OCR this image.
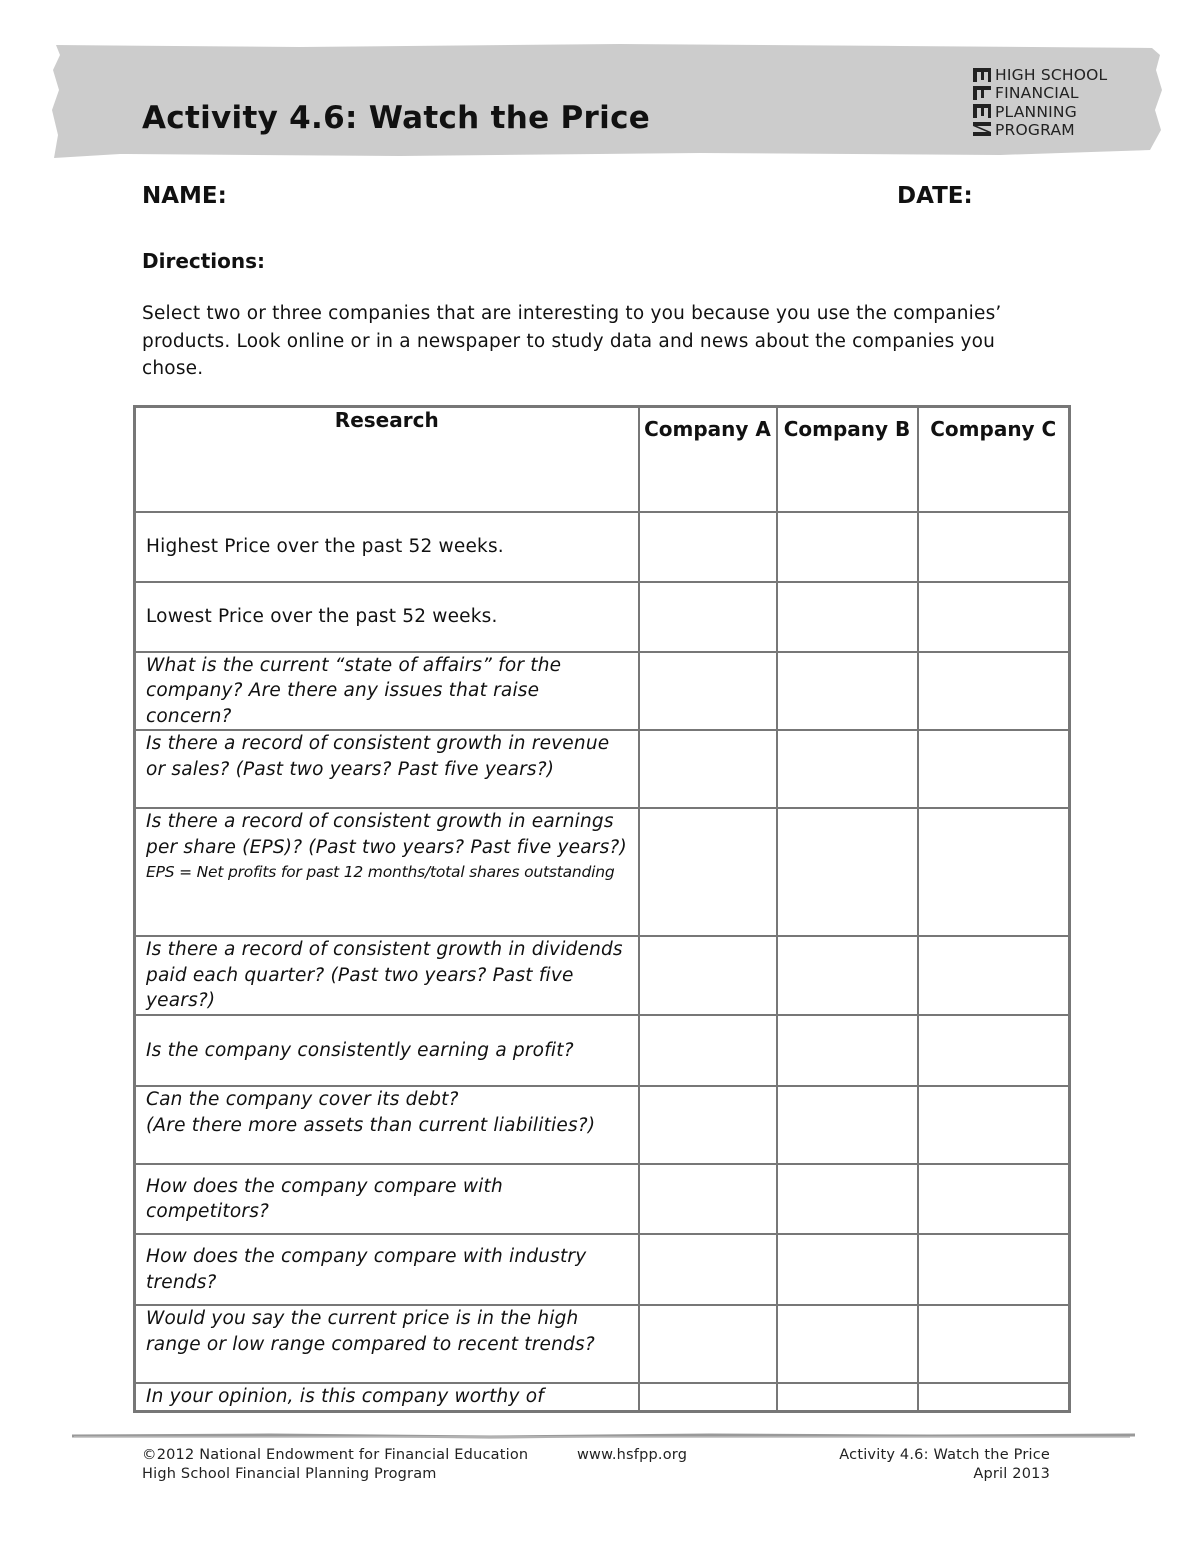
Activity 4.6: Watch the Price
HIGH SCHOOL
FINANCIAL
PLANNING
PROGRAM
NAME:	DATE:
Directions:
Select two or three companies that are interesting to you because you use the companies’ products. Look online or in a newspaper to study data and news about the companies you chose.
Research	Company A	Company B	Company C
Highest Price over the past 52 weeks.			
Lowest Price over the past 52 weeks.			
What is the current “state of affairs” for the company? Are there any issues that raise concern?			
Is there a record of consistent growth in revenue or sales? (Past two years? Past five years?)			
Is there a record of consistent growth in earnings per share (EPS)? (Past two years? Past five years?)
EPS = Net profits for past 12 months/total shares outstanding			

Is there a record of consistent growth in dividends paid each quarter? (Past two years? Past five years?)			
Is the company consistently earning a profit?			
Can the company cover its debt?
(Are there more assets than current liabilities?)			
How does the company compare with competitors?			
How does the company compare with industry trends?			
Would you say the current price is in the high range or low range compared to recent trends?			
In your opinion, is this company worthy of			
©2012 National Endowment for Financial Education
High School Financial Planning Program
www.hsfpp.org	Activity 4.6: Watch the Price
April 2013
